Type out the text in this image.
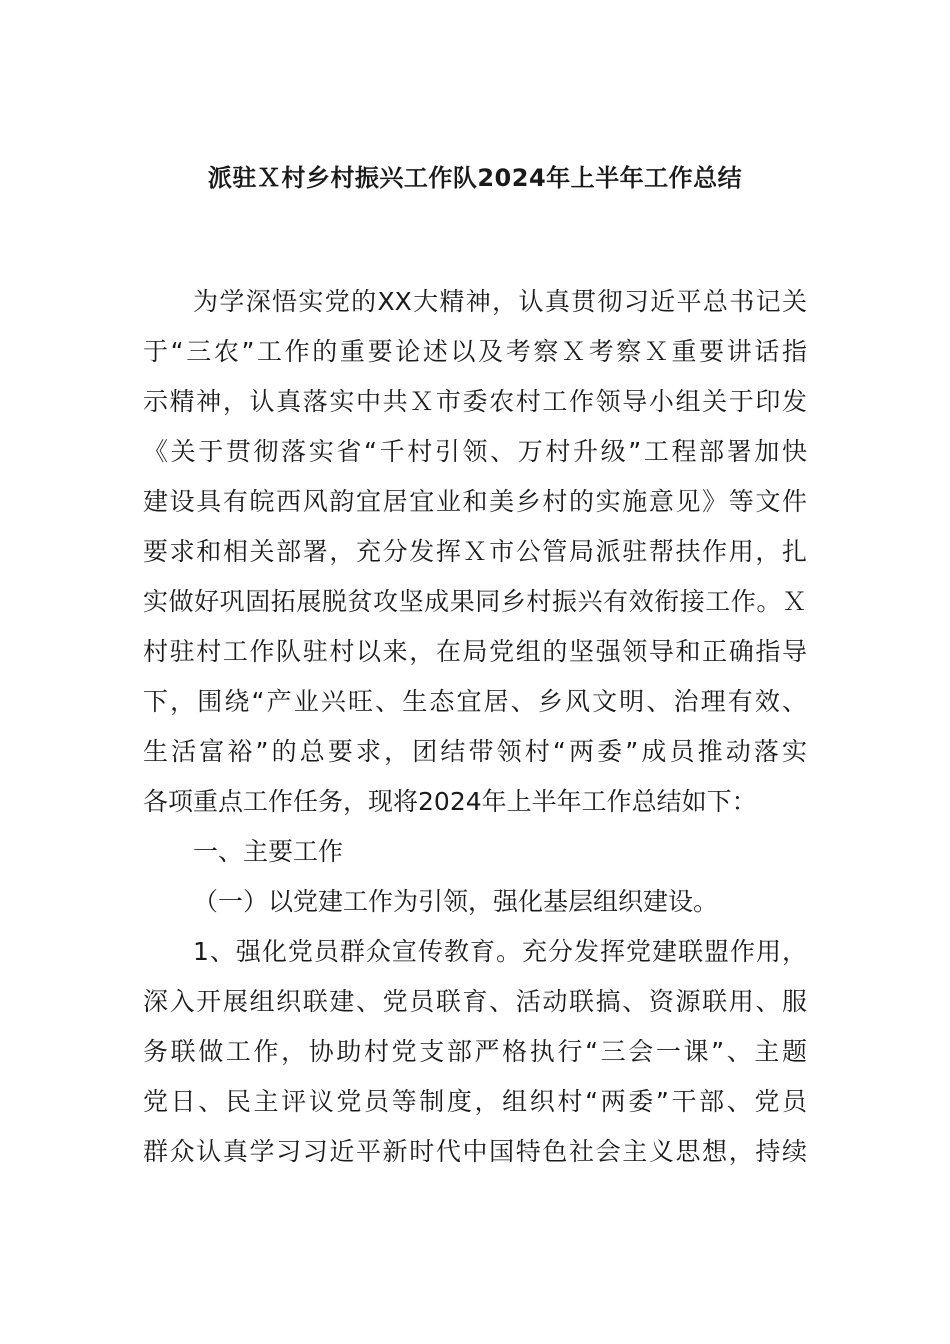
派驻Ｘ村乡村振兴工作队2024年上半年工作总结
为学深悟实党的XX大精神，认真贯彻习近平总书记关
于“三农”工作的重要论述以及考察Ｘ考察Ｘ重要讲话指
示精神，认真落实中共Ｘ市委农村工作领导小组关于印发
《关于贯彻落实省“千村引领、万村升级”工程部署加快
建设具有皖西风韵宜居宜业和美乡村的实施意见》等文件
要求和相关部署，充分发挥Ｘ市公管局派驻帮扶作用，扎
实做好巩固拓展脱贫攻坚成果同乡村振兴有效衔接工作。Ｘ
村驻村工作队驻村以来，在局党组的坚强领导和正确指导
下，围绕“产业兴旺、生态宜居、乡风文明、治理有效、
生活富裕”的总要求，团结带领村“两委”成员推动落实
各项重点工作任务，现将2024年上半年工作总结如下：
一、主要工作
（一）以党建工作为引领，强化基层组织建设。
1、强化党员群众宣传教育。充分发挥党建联盟作用，
深入开展组织联建、党员联育、活动联搞、资源联用、服
务联做工作，协助村党支部严格执行“三会一课”、主题
党日、民主评议党员等制度，组织村“两委”干部、党员
群众认真学习习近平新时代中国特色社会主义思想，持续
